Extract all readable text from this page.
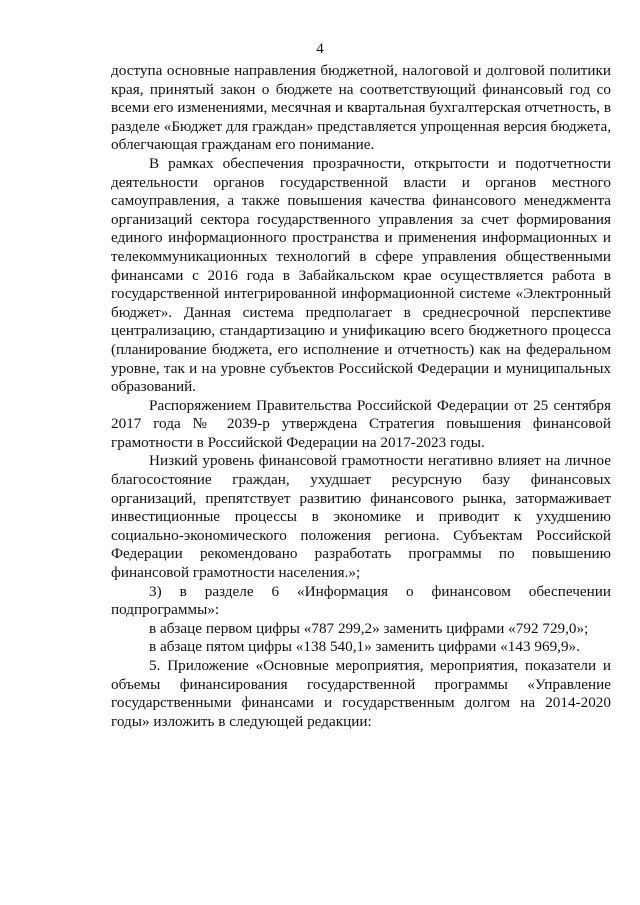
4

доступа основные направления бюджетной, налоговой и долговой политики края, принятый закон о бюджете на соответствующий финансовый год со всеми его изменениями, месячная и квартальная бухгалтерская отчетность, в разделе «Бюджет для граждан» представляется упрощенная версия бюджета, облегчающая гражданам его понимание.

В рамках обеспечения прозрачности, открытости и подотчетности деятельности органов государственной власти и органов местного самоуправления, а также повышения качества финансового менеджмента организаций сектора государственного управления за счет формирования единого информационного пространства и применения информационных и телекоммуникационных технологий в сфере управления общественными финансами с 2016 года в Забайкальском крае осуществляется работа в государственной интегрированной информационной системе «Электронный бюджет». Данная система предполагает в среднесрочной перспективе централизацию, стандартизацию и унификацию всего бюджетного процесса (планирование бюджета, его исполнение и отчетность) как на федеральном уровне, так и на уровне субъектов Российской Федерации и муниципальных образований.

Распоряжением Правительства Российской Федерации от 25 сентября 2017 года № 2039-р утверждена Стратегия повышения финансовой грамотности в Российской Федерации на 2017-2023 годы.

Низкий уровень финансовой грамотности негативно влияет на личное благосостояние граждан, ухудшает ресурсную базу финансовых организаций, препятствует развитию финансового рынка, затормаживает инвестиционные процессы в экономике и приводит к ухудшению социально-экономического положения региона. Субъектам Российской Федерации рекомендовано разработать программы по повышению финансовой грамотности населения.»;

3) в разделе 6 «Информация о финансовом обеспечении подпрограммы»:

в абзаце первом цифры «787 299,2» заменить цифрами «792 729,0»;

в абзаце пятом цифры «138 540,1» заменить цифрами «143 969,9».

5. Приложение «Основные мероприятия, мероприятия, показатели и объемы финансирования государственной программы «Управление государственными финансами и государственным долгом на 2014-2020 годы» изложить в следующей редакции:
